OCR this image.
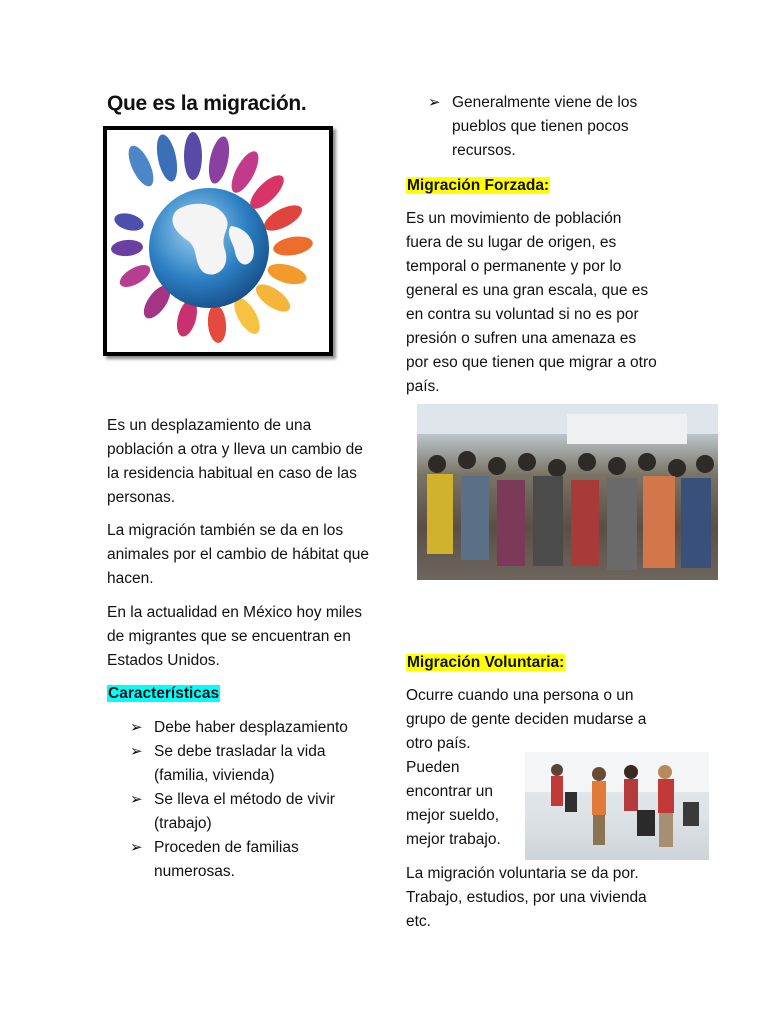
Que es la migración.
Es un desplazamiento de una población a otra y lleva un cambio de la residencia habitual en caso de las personas.
La migración también se da en los animales por el cambio de hábitat que hacen.
En la actualidad en México hoy miles de migrantes que se encuentran en Estados Unidos.
Características
➢ Debe haber desplazamiento
➢ Se debe trasladar la vida (familia, vivienda)
➢ Se lleva el método de vivir (trabajo)
➢ Proceden de familias numerosas.
➢ Generalmente viene de los pueblos que tienen pocos recursos.
Migración Forzada:
Es un movimiento de población fuera de su lugar de origen, es temporal o permanente y por lo general es una gran escala, que es en contra su voluntad si no es por presión o sufren una amenaza es por eso que tienen que migrar a otro país.
Migración Voluntaria:
Ocurre cuando una persona o un grupo de gente deciden mudarse a otro país.
Pueden encontrar un mejor sueldo, mejor trabajo.
La migración voluntaria se da por. Trabajo, estudios, por una vivienda etc.
